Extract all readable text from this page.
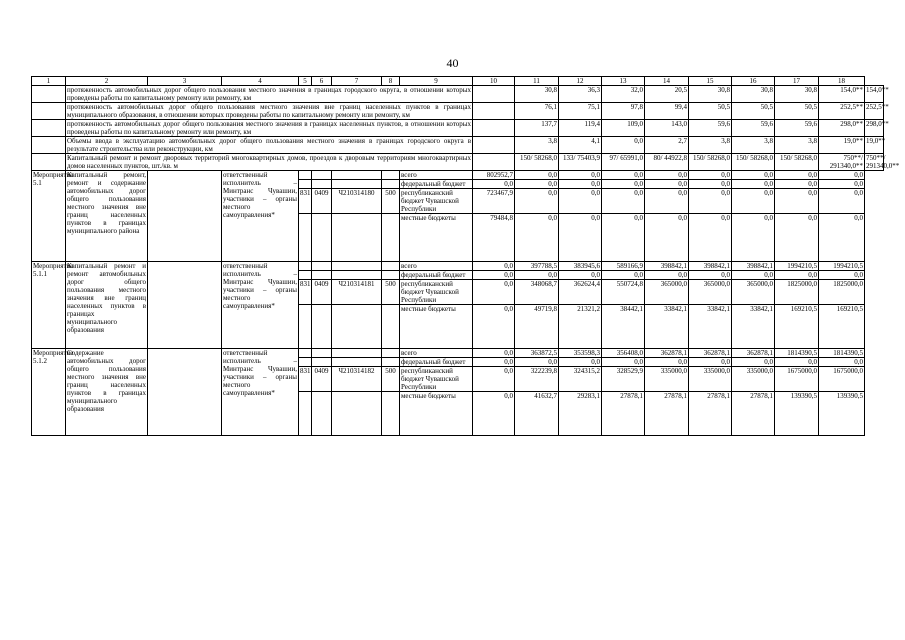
40
1	2	3	4	5	6	7	8	9	10	11	12	13	14	15	16	17	18	
	протяженность автомобильных дорог общего пользования местного значения в границах городского округа, в отношении которых проведены работы по капитальному ремонту или ремонту, км									30,8	36,3	32,0	20,5	30,8	30,8	30,8	154,0**	154,0**
	протяженность автомобильных дорог общего пользования местного значения вне границ населенных пунктов в границах муниципального образования, в отношении которых проведены работы по капитальному ремонту или ремонту, км									76,1	75,1	97,8	99,4	50,5	50,5	50,5	252,5**	252,5**
	протяженность автомобильных дорог общего пользования местного значения в границах населенных пунктов, в отношении которых проведены работы по капитальному ремонту или ремонту, км									137,7	119,4	109,0	143,0	59,6	59,6	59,6	298,0**	298,0**
	Объемы ввода в эксплуатацию автомобильных дорог общего пользования местного значения в границах городского округа в результате строительства или реконструкции, км									3,8	4,1	0,0	2,7	3,8	3,8	3,8	19,0**	19,0**
	Капитальный ремонт и ремонт дворовых территорий многоквартирных домов, проездов к дворовым территориям многоквартирных домов населенных пунктов, шт./кв. м									150/ 58268,0	133/ 75403,9	97/ 65991,0	80/ 44922,8	150/ 58268,0	150/ 58268,0	150/ 58268,0	750**/ 291340,0**	750**/ 291340,0**
Мероприятие 5.1	Капитальный ремонт, ремонт и содержание автомобильных дорог общего пользования местного значения вне границ населенных пунктов в границах муниципального района		ответственный исполнитель – Минтранс Чувашии, участники – органы местного самоуправления*					всего	802952,7	0,0	0,0	0,0	0,0	0,0	0,0	0,0	0,0	
								федеральный бюджет	0,0	0,0	0,0	0,0	0,0	0,0	0,0	0,0	0,0	
				831	0409	Ч210314180	500	республиканский бюджет Чувашской Республики	723467,9	0,0	0,0	0,0	0,0	0,0	0,0	0,0	0,0	
								местные бюджеты	79484,8	0,0	0,0	0,0	0,0	0,0	0,0	0,0	0,0	
Мероприятие 5.1.1	Капитальный ремонт и ремонт автомобильных дорог общего пользования местного значения вне границ населенных пунктов в границах муниципального образования		ответственный исполнитель – Минтранс Чувашии, участники – органы местного самоуправления*					всего	0,0	397788,5	383945,6	589166,9	398842,1	398842,1	398842,1	1994210,5	1994210,5	
								федеральный бюджет	0,0	0,0	0,0	0,0	0,0	0,0	0,0	0,0	0,0	
				831	0409	Ч210314181	500	республиканский бюджет Чувашской Республики	0,0	348068,7	362624,4	550724,8	365000,0	365000,0	365000,0	1825000,0	1825000,0	
								местные бюджеты	0,0	49719,8	21321,2	38442,1	33842,1	33842,1	33842,1	169210,5	169210,5	
Мероприятие 5.1.2	Содержание автомобильных дорог общего пользования местного значения вне границ населенных пунктов в границах муниципального образования		ответственный исполнитель – Минтранс Чувашии, участники – органы местного самоуправления*					всего	0,0	363872,5	353598,3	356408,0	362878,1	362878,1	362878,1	1814390,5	1814390,5	
								федеральный бюджет	0,0	0,0	0,0	0,0	0,0	0,0	0,0	0,0	0,0	
				831	0409	Ч210314182	500	республиканский бюджет Чувашской Республики	0,0	322239,8	324315,2	328529,9	335000,0	335000,0	335000,0	1675000,0	1675000,0	
								местные бюджеты	0,0	41632,7	29283,1	27878,1	27878,1	27878,1	27878,1	139390,5	139390,5	
